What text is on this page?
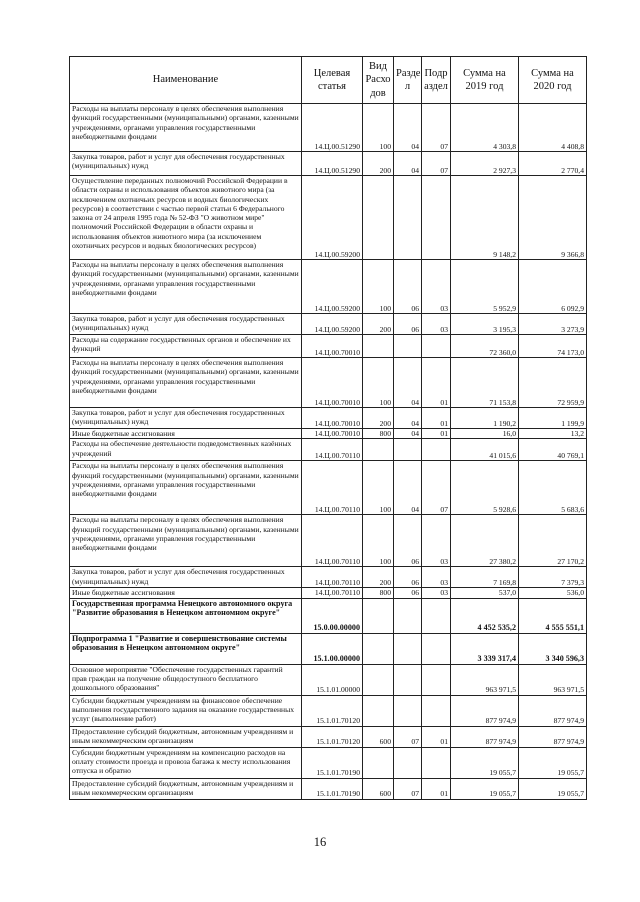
Наименование	Целевая статья	Вид Расхо дов	Разде л	Подр аздел	Сумма на 2019 год	Сумма на 2020 год
Расходы на выплаты персоналу в целях обеспечения выполнения функций государственными (муниципальными) органами, казенными учреждениями, органами управления государственными внебюджетными фондами	14.Ц.00.51290	100	04	07	4 303,8	4 408,8
Закупка товаров, работ и услуг для обеспечения государственных (муниципальных) нужд	14.Ц.00.51290	200	04	07	2 927,3	2 770,4
Осуществление переданных полномочий Российской Федерации в области охраны и использования объектов животного мира (за исключением охотничьих ресурсов и водных биологических ресурсов) в соответствии с частью первой статьи 6 Федерального закона от 24 апреля 1995 года № 52-ФЗ "О животном мире" полномочий Российской Федерации в области охраны и использования объектов животного мира (за исключением охотничьих ресурсов и водных биологических ресурсов)	14.Ц.00.59200				9 148,2	9 366,8
Расходы на выплаты персоналу в целях обеспечения выполнения функций государственными (муниципальными) органами, казенными учреждениями, органами управления государственными внебюджетными фондами	14.Ц.00.59200	100	06	03	5 952,9	6 092,9
Закупка товаров, работ и услуг для обеспечения государственных (муниципальных) нужд	14.Ц.00.59200	200	06	03	3 195,3	3 273,9
Расходы на содержание государственных органов и обеспечение их функций	14.Ц.00.70010				72 360,0	74 173,0
Расходы на выплаты персоналу в целях обеспечения выполнения функций государственными (муниципальными) органами, казенными учреждениями, органами управления государственными внебюджетными фондами	14.Ц.00.70010	100	04	01	71 153,8	72 959,9
Закупка товаров, работ и услуг для обеспечения государственных (муниципальных) нужд	14.Ц.00.70010	200	04	01	1 190,2	1 199,9
Иные бюджетные ассигнования	14.Ц.00.70010	800	04	01	16,0	13,2
Расходы на обеспечение деятельности подведомственных казённых учреждений	14.Ц.00.70110				41 015,6	40 769,1
Расходы на выплаты персоналу в целях обеспечения выполнения функций государственными (муниципальными) органами, казенными учреждениями, органами управления государственными внебюджетными фондами	14.Ц.00.70110	100	04	07	5 928,6	5 683,6
Расходы на выплаты персоналу в целях обеспечения выполнения функций государственными (муниципальными) органами, казенными учреждениями, органами управления государственными внебюджетными фондами	14.Ц.00.70110	100	06	03	27 380,2	27 170,2
Закупка товаров, работ и услуг для обеспечения государственных (муниципальных) нужд	14.Ц.00.70110	200	06	03	7 169,8	7 379,3
Иные бюджетные ассигнования	14.Ц.00.70110	800	06	03	537,0	536,0
Государственная программа Ненецкого автономного округа "Развитие образования в Ненецком автономном округе"	15.0.00.00000				4 452 535,2	4 555 551,1
Подпрограмма 1 "Развитие и совершенствование системы образования в Ненецком автономном округе"	15.1.00.00000				3 339 317,4	3 340 596,3
Основное мероприятие "Обеспечение государственных гарантий прав граждан на получение общедоступного бесплатного дошкольного образования"	15.1.01.00000				963 971,5	963 971,5
Субсидии бюджетным учреждениям на финансовое обеспечение выполнения государственного задания на оказание государственных услуг (выполнение работ)	15.1.01.70120				877 974,9	877 974,9
Предоставление субсидий бюджетным, автономным учреждениям и иным некоммерческим организациям	15.1.01.70120	600	07	01	877 974,9	877 974,9
Субсидии бюджетным учреждениям на компенсацию расходов на оплату стоимости проезда и провоза багажа к месту использования отпуска и обратно	15.1.01.70190				19 055,7	19 055,7
Предоставление субсидий бюджетным, автономным учреждениям и иным некоммерческим организациям	15.1.01.70190	600	07	01	19 055,7	19 055,7
16
